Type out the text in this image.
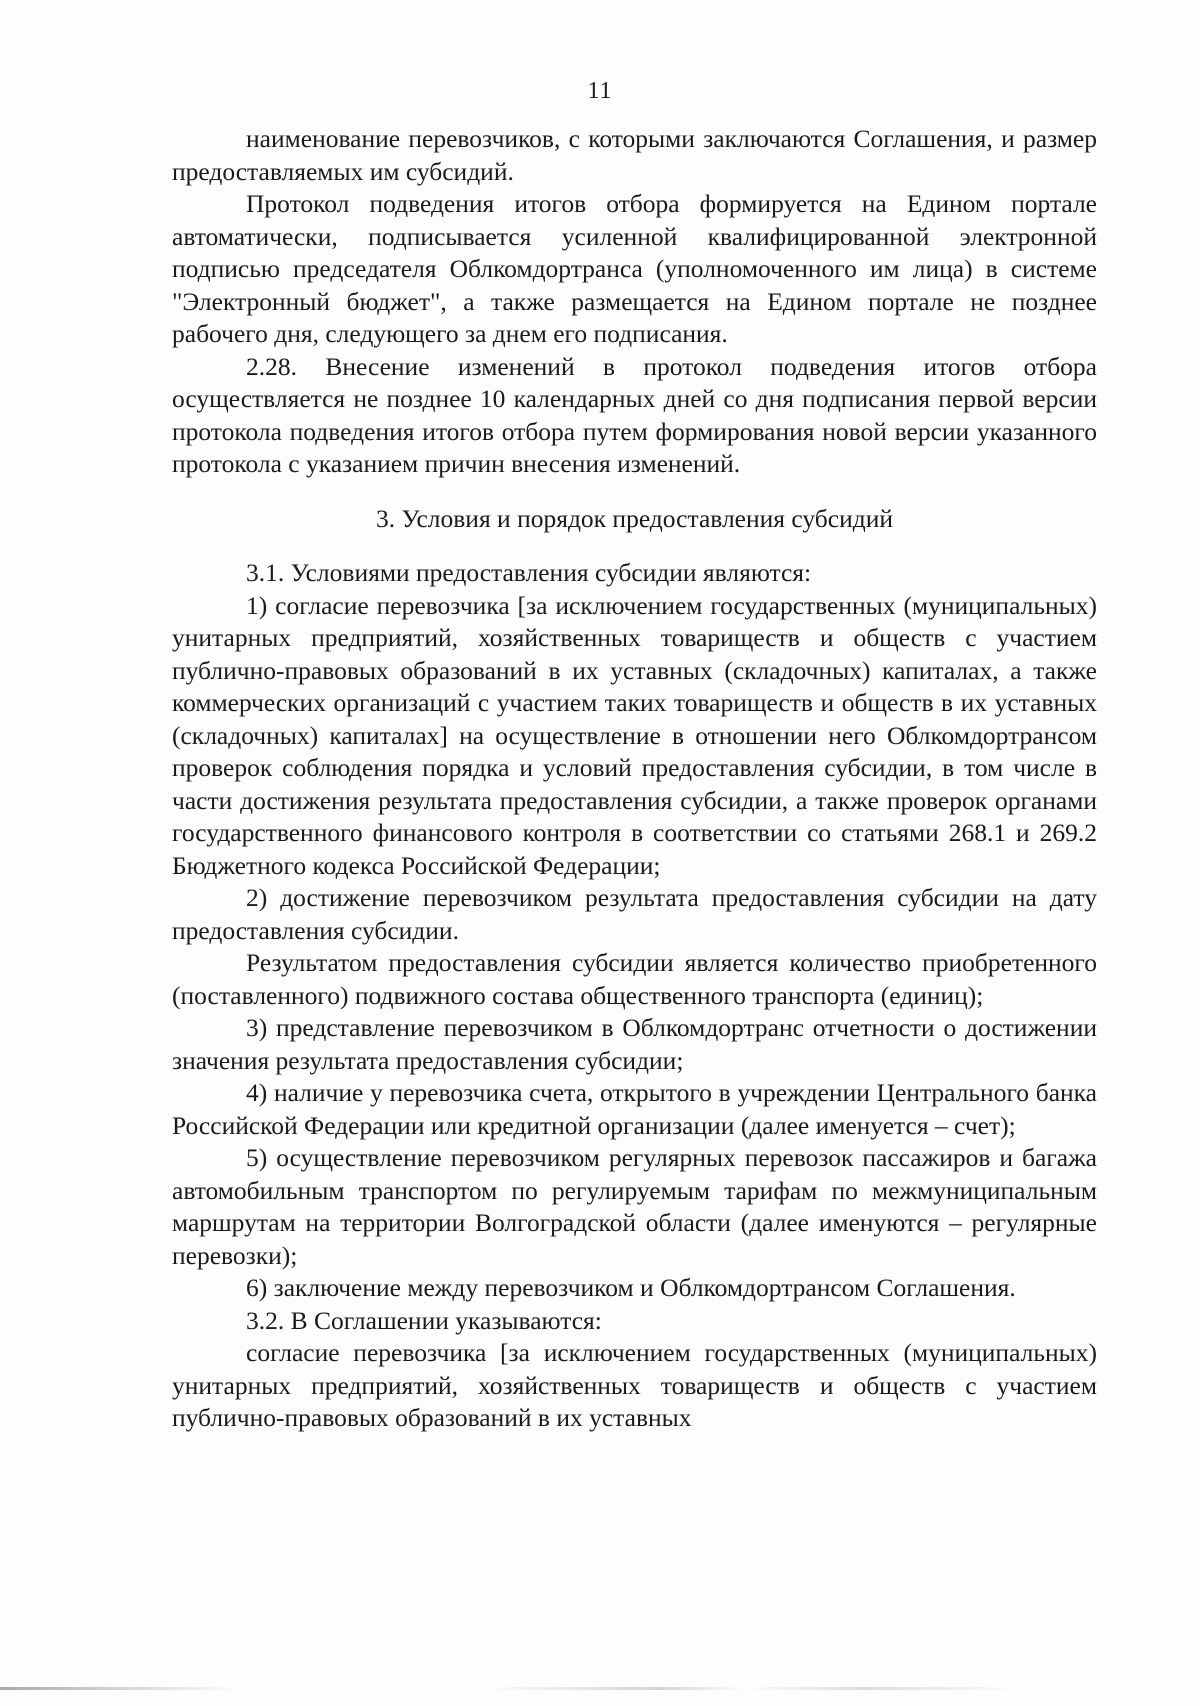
11

наименование перевозчиков, с которыми заключаются Соглашения, и размер предоставляемых им субсидий.

Протокол подведения итогов отбора формируется на Едином портале автоматически, подписывается усиленной квалифицированной электронной подписью председателя Облкомдортранса (уполномоченного им лица) в системе "Электронный бюджет", а также размещается на Едином портале не позднее рабочего дня, следующего за днем его подписания.

2.28. Внесение изменений в протокол подведения итогов отбора осуществляется не позднее 10 календарных дней со дня подписания первой версии протокола подведения итогов отбора путем формирования новой версии указанного протокола с указанием причин внесения изменений.

3. Условия и порядок предоставления субсидий

3.1. Условиями предоставления субсидии являются:

1) согласие перевозчика [за исключением государственных (муниципальных) унитарных предприятий, хозяйственных товариществ и обществ с участием публично-правовых образований в их уставных (складочных) капиталах, а также коммерческих организаций с участием таких товариществ и обществ в их уставных (складочных) капиталах] на осуществление в отношении него Облкомдортрансом проверок соблюдения порядка и условий предоставления субсидии, в том числе в части достижения результата предоставления субсидии, а также проверок органами государственного финансового контроля в соответствии со статьями 268.1 и 269.2 Бюджетного кодекса Российской Федерации;

2) достижение перевозчиком результата предоставления субсидии на дату предоставления субсидии.

Результатом предоставления субсидии является количество приобретенного (поставленного) подвижного состава общественного транспорта (единиц);

3) представление перевозчиком в Облкомдортранс отчетности о достижении значения результата предоставления субсидии;

4) наличие у перевозчика счета, открытого в учреждении Центрального банка Российской Федерации или кредитной организации (далее именуется – счет);

5) осуществление перевозчиком регулярных перевозок пассажиров и багажа автомобильным транспортом по регулируемым тарифам по межмуниципальным маршрутам на территории Волгоградской области (далее именуются – регулярные перевозки);

6) заключение между перевозчиком и Облкомдортрансом Соглашения.

3.2. В Соглашении указываются:

согласие перевозчика [за исключением государственных (муниципальных) унитарных предприятий, хозяйственных товариществ и обществ с участием публично-правовых образований в их уставных
